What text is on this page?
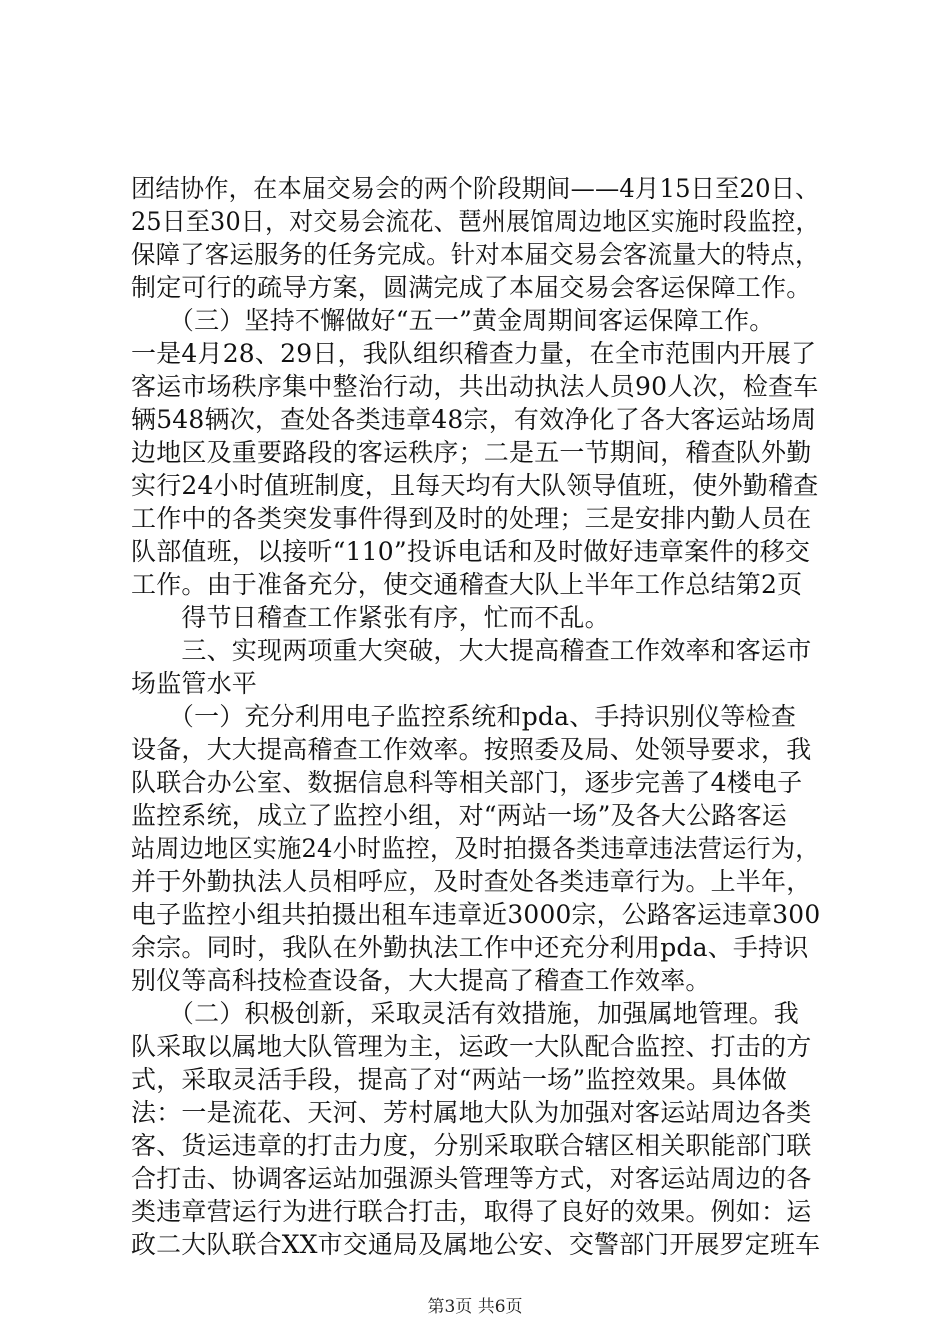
团结协作，在本届交易会的两个阶段期间——4月15日至20日、
25日至30日，对交易会流花、琶州展馆周边地区实施时段监控，
保障了客运服务的任务完成。针对本届交易会客流量大的特点，
制定可行的疏导方案，圆满完成了本届交易会客运保障工作。
　　（三）坚持不懈做好“五一”黄金周期间客运保障工作。
一是4月28、29日，我队组织稽查力量，在全市范围内开展了
客运市场秩序集中整治行动，共出动执法人员90人次，检查车
辆548辆次，查处各类违章48宗，有效净化了各大客运站场周
边地区及重要路段的客运秩序；二是五一节期间，稽查队外勤
实行24小时值班制度，且每天均有大队领导值班，使外勤稽查
工作中的各类突发事件得到及时的处理；三是安排内勤人员在
队部值班，以接听“110”投诉电话和及时做好违章案件的移交
工作。由于准备充分，使交通稽查大队上半年工作总结第2页
　　得节日稽查工作紧张有序，忙而不乱。
　　三、实现两项重大突破，大大提高稽查工作效率和客运市
场监管水平
　　（一）充分利用电子监控系统和pda、手持识别仪等检查
设备，大大提高稽查工作效率。按照委及局、处领导要求，我
队联合办公室、数据信息科等相关部门，逐步完善了4楼电子
监控系统，成立了监控小组，对“两站一场”及各大公路客运
站周边地区实施24小时监控，及时拍摄各类违章违法营运行为，
并于外勤执法人员相呼应，及时查处各类违章行为。上半年，
电子监控小组共拍摄出租车违章近3000宗，公路客运违章300
余宗。同时，我队在外勤执法工作中还充分利用pda、手持识
别仪等高科技检查设备，大大提高了稽查工作效率。
　　（二）积极创新，采取灵活有效措施，加强属地管理。我
队采取以属地大队管理为主，运政一大队配合监控、打击的方
式，采取灵活手段，提高了对“两站一场”监控效果。具体做
法：一是流花、天河、芳村属地大队为加强对客运站周边各类
客、货运违章的打击力度，分别采取联合辖区相关职能部门联
合打击、协调客运站加强源头管理等方式，对客运站周边的各
类违章营运行为进行联合打击，取得了良好的效果。例如：运
政二大队联合XX市交通局及属地公安、交警部门开展罗定班车
第3页 共6页
